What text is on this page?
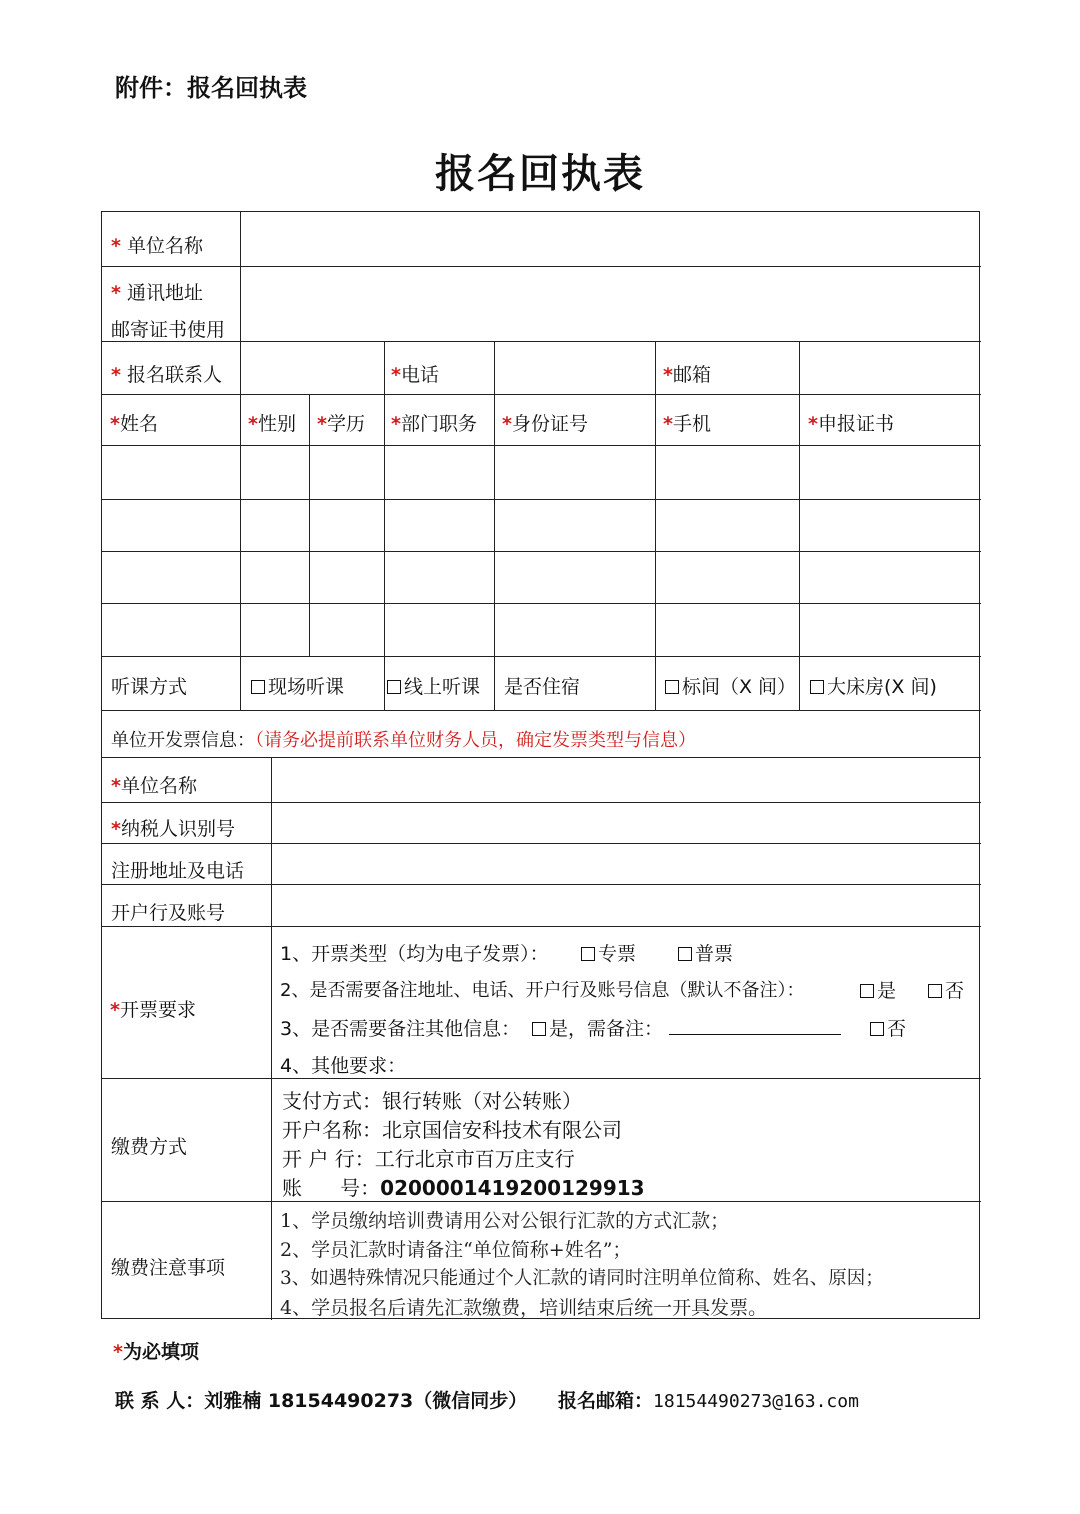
附件：报名回执表
报名回执表
* 单位名称
* 通讯地址
邮寄证书使用
* 报名联系人	*电话	*邮箱
*姓名	*性别 *学历 *部门职务 *身份证号	*手机	*申报证书
听课方式	现场听课	线上听课 是否住宿	标间（X 间）	大床房(X 间)
单位开发票信息：（请务必提前联系单位财务人员，确定发票类型与信息）
*单位名称
*纳税人识别号
注册地址及电话
开户行及账号
*开票要求
1、开票类型（均为电子发票）：	专票	普票
2、是否需要备注地址、电话、开户行及账号信息（默认不备注）：	是	否
3、是否需要备注其他信息：	是，需备注：	否
4、其他要求：
缴费方式
支付方式：银行转账（对公转账）
开户名称：北京国信安科技术有限公司
开 户 行：工行北京市百万庄支行
账      号：0200001419200129913
缴费注意事项
1、学员缴纳培训费请用公对公银行汇款的方式汇款；
2、学员汇款时请备注“单位简称+姓名”；
3、如遇特殊情况只能通过个人汇款的请同时注明单位简称、姓名、原因；
4、学员报名后请先汇款缴费，培训结束后统一开具发票。
*为必填项
联 系 人：刘雅楠 18154490273（微信同步） 报名邮箱：18154490273@163.com
